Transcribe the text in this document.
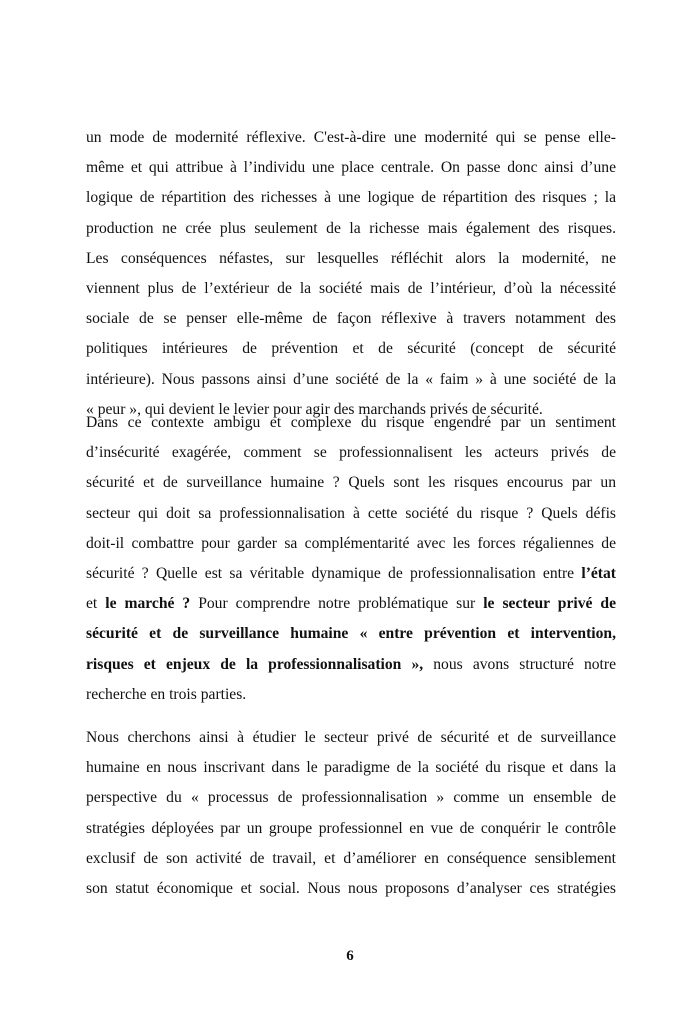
un mode de modernité réflexive. C'est-à-dire une modernité qui se pense elle-
même et qui attribue à l’individu une place centrale. On passe donc ainsi d’une
logique de répartition des richesses à une logique de répartition des risques ; la
production ne crée plus seulement de la richesse mais également des risques.
Les conséquences néfastes, sur lesquelles réfléchit alors la modernité, ne
viennent plus de l’extérieur de la société mais de l’intérieur, d’où la nécessité
sociale de se penser elle-même de façon réflexive à travers notamment des
politiques intérieures de prévention et de sécurité (concept de sécurité
intérieure). Nous passons ainsi d’une société de la « faim » à une société de la
« peur », qui devient le levier pour agir des marchands privés de sécurité.
Dans ce contexte ambigu et complexe du risque engendré par un sentiment
d’insécurité exagérée, comment se professionnalisent les acteurs privés de
sécurité et de surveillance humaine ? Quels sont les risques encourus par un
secteur qui doit sa professionnalisation à cette société du risque ? Quels défis
doit-il combattre pour garder sa complémentarité avec les forces régaliennes de
sécurité ? Quelle est sa véritable dynamique de professionnalisation entre l’état
et le marché ? Pour comprendre notre problématique sur le secteur privé de
sécurité et de surveillance humaine « entre prévention et intervention,
risques et enjeux de la professionnalisation », nous avons structuré notre
recherche en trois parties.
Nous cherchons ainsi à étudier le secteur privé de sécurité et de surveillance
humaine en nous inscrivant dans le paradigme de la société du risque et dans la
perspective du « processus de professionnalisation » comme un ensemble de
stratégies déployées par un groupe professionnel en vue de conquérir le contrôle
exclusif de son activité de travail, et d’améliorer en conséquence sensiblement
son statut économique et social. Nous nous proposons d’analyser ces stratégies
6
